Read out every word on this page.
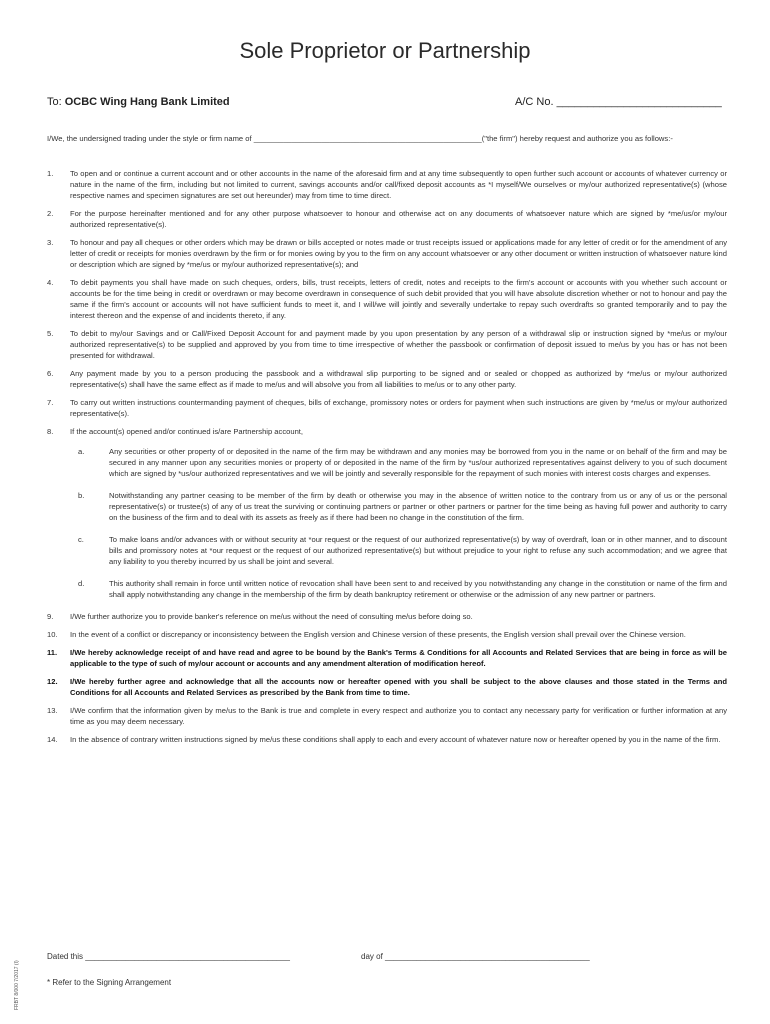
Sole Proprietor or Partnership
To: OCBC Wing Hang Bank Limited	A/C No. ___________________________
I/We, the undersigned trading under the style or firm name of ______________________________________________________("the firm") hereby request and authorize you as follows:-
1.	To open and or continue a current account and or other accounts in the name of the aforesaid firm and at any time subsequently to open further such account or accounts of whatever currency or nature in the name of the firm, including but not limited to current, savings accounts and/or call/fixed deposit accounts as *I myself/We ourselves or my/our authorized representative(s) (whose respective names and specimen signatures are set out hereunder) may from time to time direct.
2.	For the purpose hereinafter mentioned and for any other purpose whatsoever to honour and otherwise act on any documents of whatsoever nature which are signed by *me/us/or my/our authorized representative(s).
3.	To honour and pay all cheques or other orders which may be drawn or bills accepted or notes made or trust receipts issued or applications made for any letter of credit or for the amendment of any letter of credit or receipts for monies overdrawn by the firm or for monies owing by you to the firm on any account whatsoever or any other document or written instruction of whatsoever nature kind or description which are signed by *me/us or my/our authorized representative(s); and
4.	To debit payments you shall have made on such cheques, orders, bills, trust receipts, letters of credit, notes and receipts to the firm's account or accounts with you whether such account or accounts be for the time being in credit or overdrawn or may become overdrawn in consequence of such debit provided that you will have absolute discretion whether or not to honour and pay the same if the firm's account or accounts will not have sufficient funds to meet it, and I will/we will jointly and severally undertake to repay such overdrafts so granted temporarily and to pay the interest thereon and the expense of and incidents thereto, if any.
5.	To debit to my/our Savings and or Call/Fixed Deposit Account for and payment made by you upon presentation by any person of a withdrawal slip or instruction signed by *me/us or my/our authorized representative(s) to be supplied and approved by you from time to time irrespective of whether the passbook or confirmation of deposit issued to me/us by you has or has not been presented for withdrawal.
6.	Any payment made by you to a person producing the passbook and a withdrawal slip purporting to be signed and or sealed or chopped as authorized by *me/us or my/our authorized representative(s) shall have the same effect as if made to me/us and will absolve you from all liabilities to me/us or to any other party.
7.	To carry out written instructions countermanding payment of cheques, bills of exchange, promissory notes or orders for payment when such instructions are given by *me/us or my/our authorized representative(s).
8.	If the account(s) opened and/or continued is/are Partnership account,
a.	Any securities or other property of or deposited in the name of the firm may be withdrawn and any monies may be borrowed from you in the name or on behalf of the firm and may be secured in any manner upon any securities monies or property of or deposited in the name of the firm by *us/our authorized representatives against delivery to you of such document which are signed by *us/our authorized representatives and we will be jointly and severally responsible for the repayment of such monies with interest costs charges and expenses.
b.	Notwithstanding any partner ceasing to be member of the firm by death or otherwise you may in the absence of written notice to the contrary from us or any of us or the personal representative(s) or trustee(s) of any of us treat the surviving or continuing partners or partner or other partners or partner for the time being as having full power and authority to carry on the business of the firm and to deal with its assets as freely as if there had been no change in the constitution of the firm.
c.	To make loans and/or advances with or without security at *our request or the request of our authorized representative(s) by way of overdraft, loan or in other manner, and to discount bills and promissory notes at *our request or the request of our authorized representative(s) but without prejudice to your right to refuse any such accommodation; and we agree that any liability to you thereby incurred by us shall be joint and several.
d.	This authority shall remain in force until written notice of revocation shall have been sent to and received by you notwithstanding any change in the constitution or name of the firm and shall apply notwithstanding any change in the membership of the firm by death bankruptcy retirement or otherwise or the admission of any new partner or partners.
9.	I/We further authorize you to provide banker's reference on me/us without the need of consulting me/us before doing so.
10.	In the event of a conflict or discrepancy or inconsistency between the English version and Chinese version of these presents, the English version shall prevail over the Chinese version.
11.	I/We hereby acknowledge receipt of and have read and agree to be bound by the Bank's Terms & Conditions for all Accounts and Related Services that are being in force as will be applicable to the type of such of my/our account or accounts and any amendment alteration of modification hereof.
12.	I/We hereby further agree and acknowledge that all the accounts now or hereafter opened with you shall be subject to the above clauses and those stated in the Terms and Conditions for all Accounts and Related Services as prescribed by the Bank from time to time.
13.	I/We confirm that the information given by me/us to the Bank is true and complete in every respect and authorize you to contact any necessary party for verification or further information at any time as you may deem necessary.
14.	In the absence of contrary written instructions signed by me/us these conditions shall apply to each and every account of whatever nature now or hereafter opened by you in the name of the firm.
Dated this ______________________________________________	day of ______________________________________________
* Refer to the Signing Arrangement
FRBT 8/000 7/2017 (I)
